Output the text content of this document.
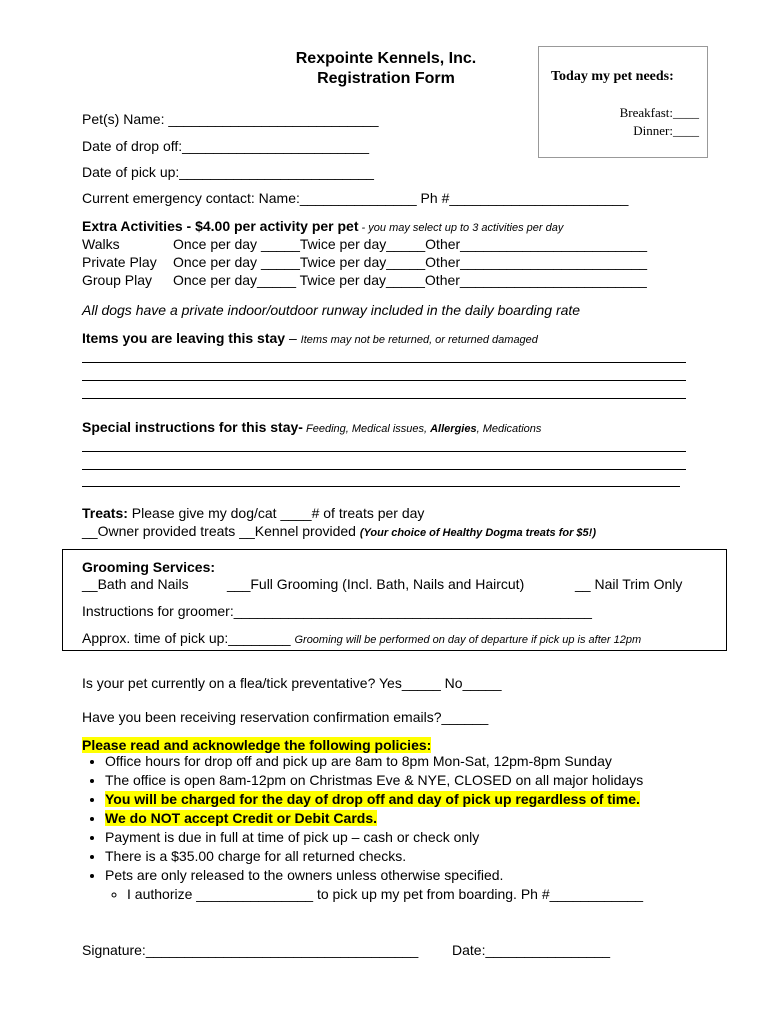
Rexpointe Kennels, Inc.
Registration Form	Today my pet needs:
Breakfast:____
Dinner:____
Pet(s) Name: ___________________________
Date of drop off:________________________
Date of pick up:_________________________
Current emergency contact: Name:_______________ Ph #_______________________
Extra Activities - $4.00 per activity per pet - you may select up to 3 activities per day
Walks	Once per day _____Twice per day_____Other________________________
Private Play Once per day _____Twice per day_____Other________________________
Group Play Once per day_____ Twice per day_____Other________________________
All dogs have a private indoor/outdoor runway included in the daily boarding rate
Items you are leaving this stay – Items may not be returned, or returned damaged
Special instructions for this stay- Feeding, Medical issues, Allergies, Medications
Treats: Please give my dog/cat ____# of treats per day
__Owner provided treats __Kennel provided (Your choice of Healthy Dogma treats for $5!)
Grooming Services:
__Bath and Nails	___Full Grooming (Incl. Bath, Nails and Haircut)	__ Nail Trim Only
Instructions for groomer:______________________________________________
Approx. time of pick up:________ Grooming will be performed on day of departure if pick up is after 12pm
Is your pet currently on a flea/tick preventative? Yes_____ No_____
Have you been receiving reservation confirmation emails?______
Please read and acknowledge the following policies:
• Office hours for drop off and pick up are 8am to 8pm Mon-Sat, 12pm-8pm Sunday
• The office is open 8am-12pm on Christmas Eve & NYE, CLOSED on all major holidays
• You will be charged for the day of drop off and day of pick up regardless of time.
• We do NOT accept Credit or Debit Cards.
• Payment is due in full at time of pick up – cash or check only
• There is a $35.00 charge for all returned checks.
• Pets are only released to the owners unless otherwise specified.
◦ I authorize _______________ to pick up my pet from boarding. Ph #____________
Signature:___________________________________ Date:________________
